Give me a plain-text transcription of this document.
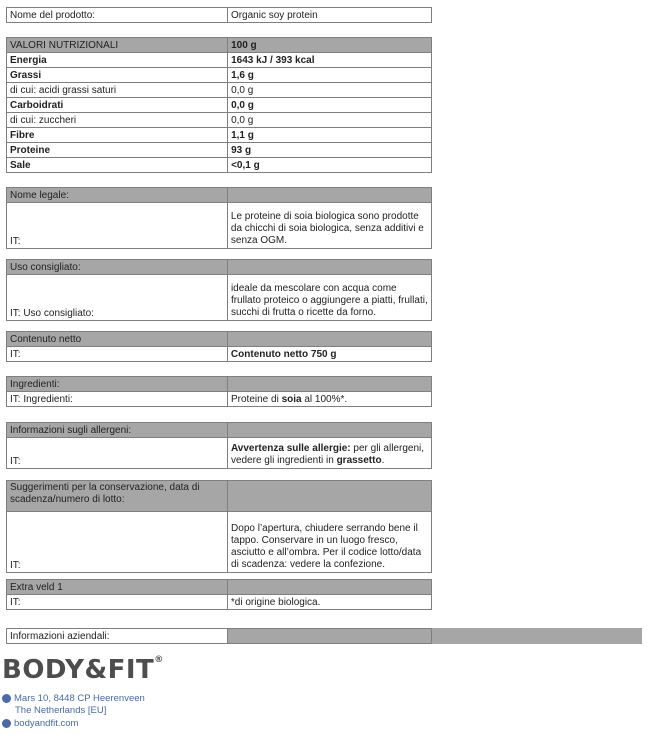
Nome del prodotto:	Organic soy protein
VALORI NUTRIZIONALI	100 g
Energia	1643 kJ / 393 kcal
Grassi	1,6 g
di cui: acidi grassi saturi	0,0 g
Carboidrati	0,0 g
di cui: zuccheri	0,0 g
Fibre	1,1 g
Proteine	93 g
Sale	<0,1 g
Nome legale:	
IT:	Le proteine di soia biologica sono prodotte da chicchi di soia biologica, senza additivi e senza OGM.
Uso consigliato:	
IT: Uso consigliato:	ideale da mescolare con acqua come frullato proteico o aggiungere a piatti, frullati, succhi di frutta o ricette da forno.
Contenuto netto	
IT:	Contenuto netto 750 g
Ingredienti:	
IT: Ingredienti:	Proteine di soia al 100%*.
Informazioni sugli allergeni:	
IT:	Avvertenza sulle allergie: per gli allergeni, vedere gli ingredienti in grassetto.
Suggerimenti per la conservazione, data di scadenza/numero di lotto:	
IT:	Dopo l’apertura, chiudere serrando bene il tappo. Conservare in un luogo fresco, asciutto e all’ombra. Per il codice lotto/data di scadenza: vedere la confezione.
Extra veld 1	
IT:	*di origine biologica.
Informazioni aziendali:	
BODY&FIT®
Mars 10, 8448 CP Heerenveen
The Netherlands [EU]
bodyandfit.com
